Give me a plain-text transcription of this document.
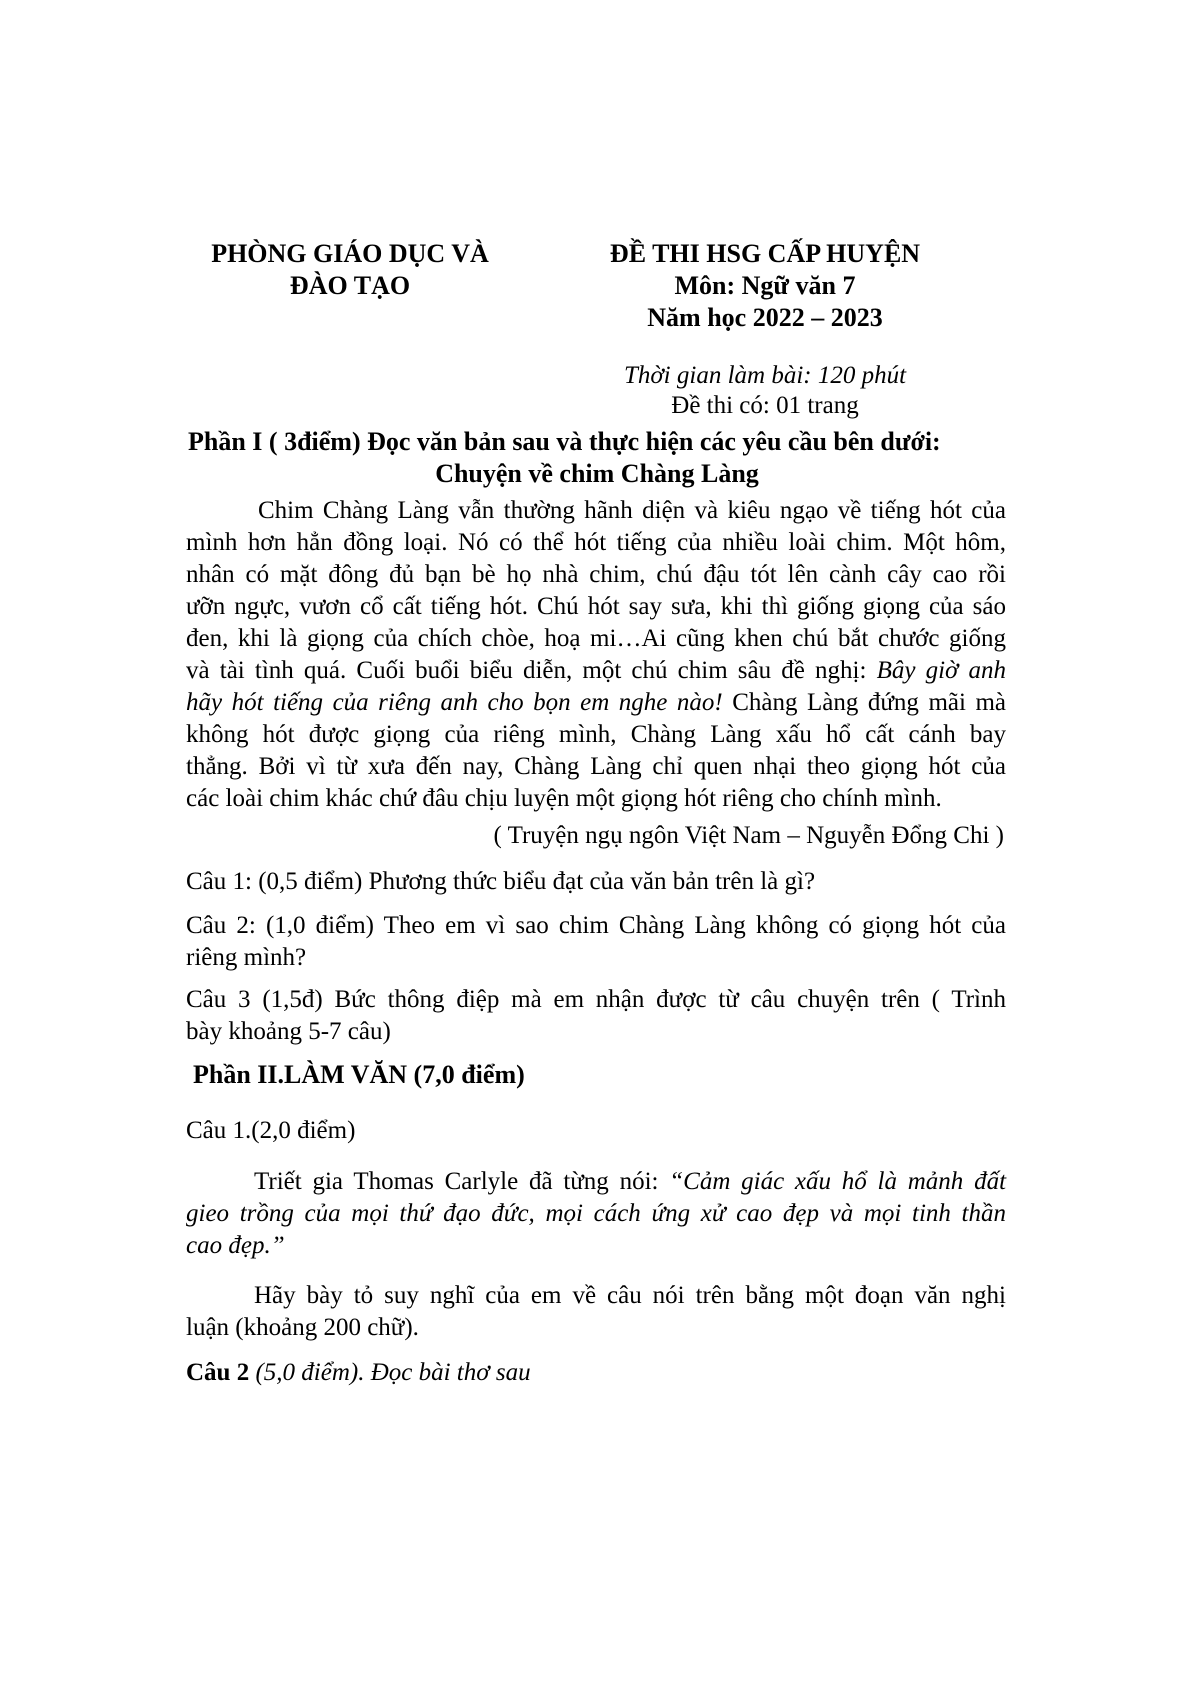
PHÒNG GIÁO DỤC VÀ
ĐÀO TẠO
ĐỀ THI HSG CẤP HUYỆN
Môn: Ngữ văn 7
Năm học 2022 – 2023
Thời gian làm bài: 120 phút
Đề thi có: 01 trang
Phần I ( 3điểm) Đọc văn bản sau và thực hiện các yêu cầu bên dưới:
Chuyện về chim Chàng Làng
Chim Chàng Làng vẫn thường hãnh diện và kiêu ngạo về tiếng hót của
mình hơn hẳn đồng loại. Nó có thể hót tiếng của nhiều loài chim. Một hôm,
nhân có mặt đông đủ bạn bè họ nhà chim, chú đậu tót lên cành cây cao rồi
ưỡn ngực, vươn cổ cất tiếng hót. Chú hót say sưa, khi thì giống giọng của sáo
đen, khi là giọng của chích chòe, hoạ mi…Ai cũng khen chú bắt chước giống
và tài tình quá. Cuối buổi biểu diễn, một chú chim sâu đề nghị: Bây giờ anh
hãy hót tiếng của riêng anh cho bọn em nghe nào! Chàng Làng đứng mãi mà
không hót được giọng của riêng mình, Chàng Làng xấu hổ cất cánh bay
thẳng. Bởi vì từ xưa đến nay, Chàng Làng chỉ quen nhại theo giọng hót của
các loài chim khác chứ đâu chịu luyện một giọng hót riêng cho chính mình.
( Truyện ngụ ngôn Việt Nam – Nguyễn Đổng Chi )
Câu 1: (0,5 điểm) Phương thức biểu đạt của văn bản trên là gì?
Câu 2: (1,0 điểm) Theo em vì sao chim Chàng Làng không có giọng hót của
riêng mình?
Câu 3 (1,5đ) Bức thông điệp mà em nhận được từ câu chuyện trên ( Trình
bày khoảng 5-7 câu)
Phần II.LÀM VĂN (7,0 điểm)
Câu 1.(2,0 điểm)
Triết gia Thomas Carlyle đã từng nói: “Cảm giác xấu hổ là mảnh đất
gieo trồng của mọi thứ đạo đức, mọi cách ứng xử cao đẹp và mọi tinh thần
cao đẹp.”
Hãy bày tỏ suy nghĩ của em về câu nói trên bằng một đoạn văn nghị
luận (khoảng 200 chữ).
Câu 2 (5,0 điểm). Đọc bài thơ sau
